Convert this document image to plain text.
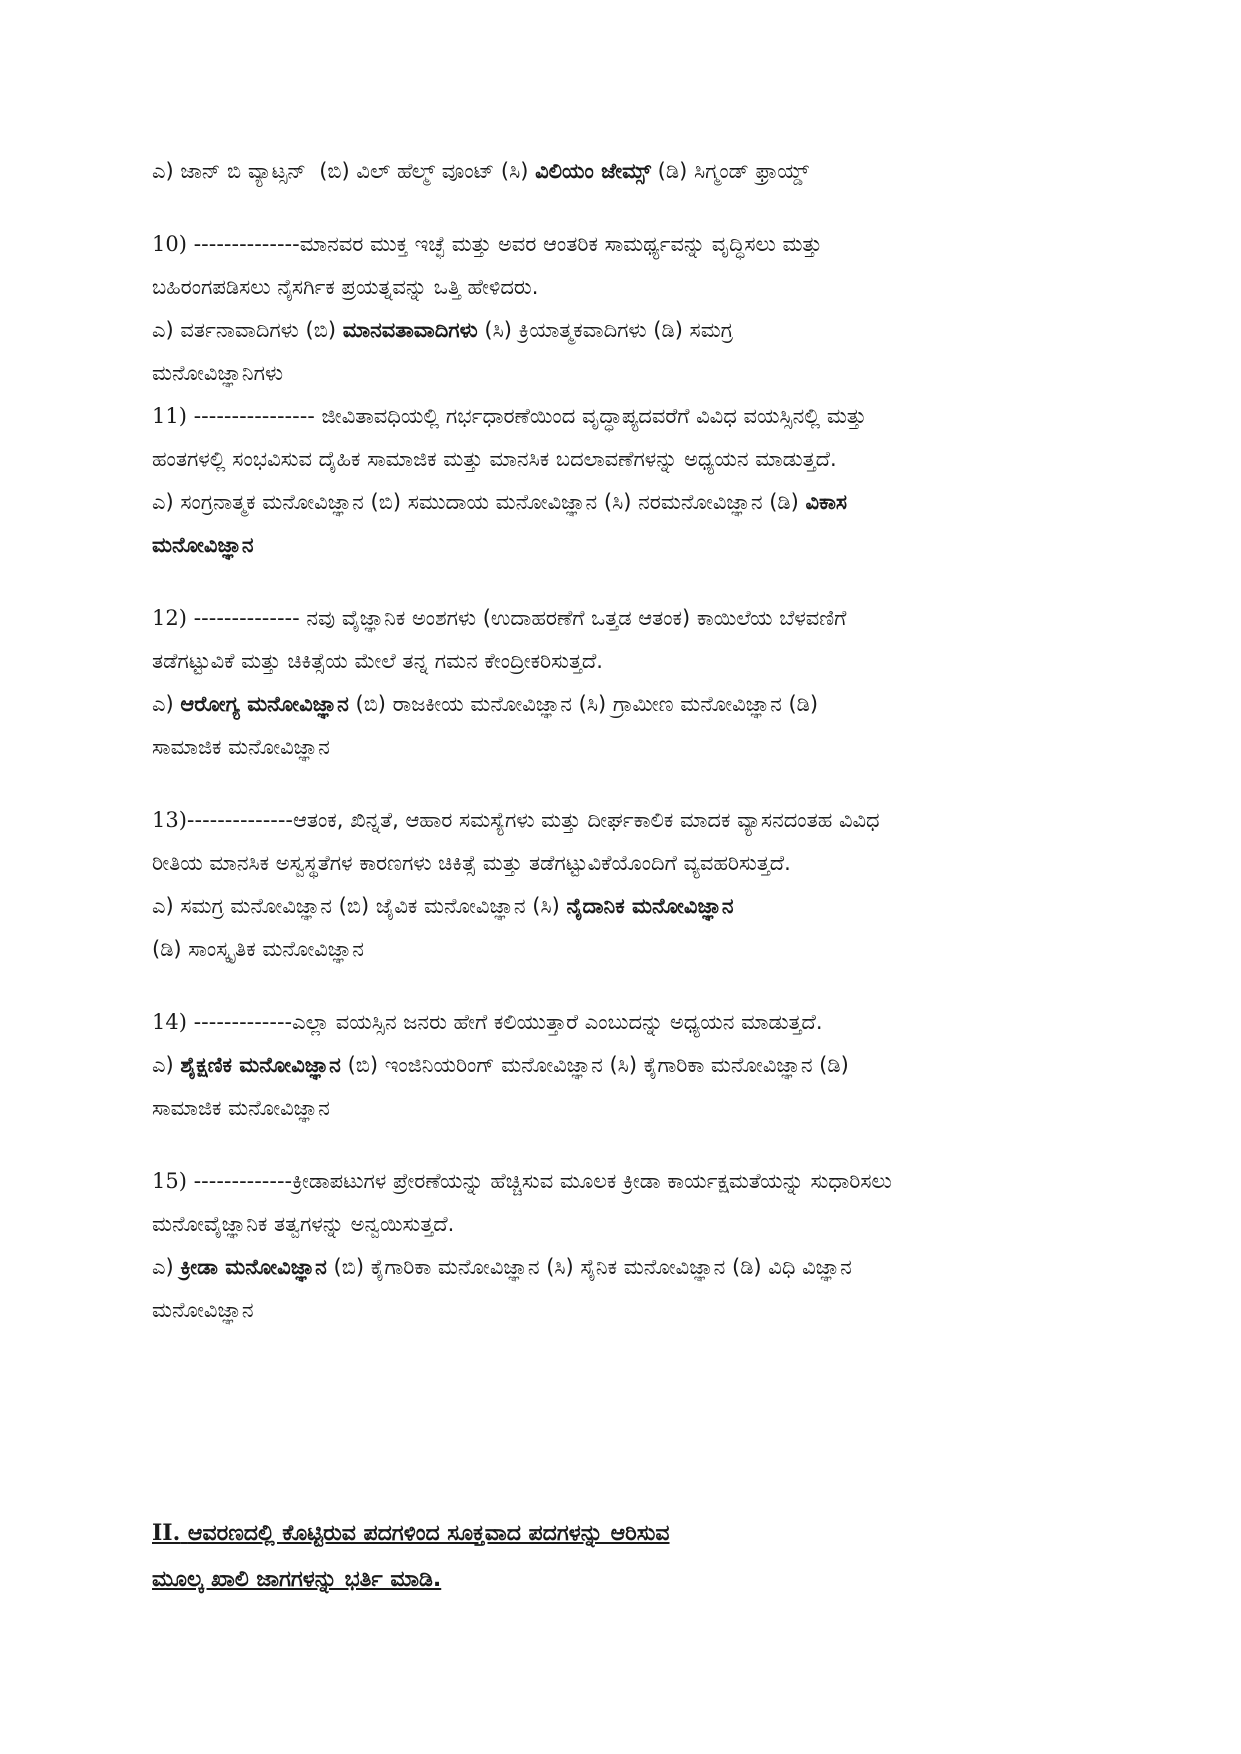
ಎ) ಜಾನ್ ಬಿ ವ್ಯಾಟ್ಸನ್ (ಬಿ) ವಿಲ್ ಹೆಲ್ಮ್ ವೂಂಟ್ (ಸಿ) ವಿಲಿಯಂ ಜೇಮ್ಸ್ (ಡಿ) ಸಿಗ್ಮಂಡ್ ಫ್ರಾಯ್ಡ್
10) --------------ಮಾನವರ ಮುಕ್ತ ಇಚ್ಛೆ ಮತ್ತು ಅವರ ಆಂತರಿಕ ಸಾಮರ್ಥ್ಯವನ್ನು ವೃದ್ಧಿಸಲು ಮತ್ತು
ಬಹಿರಂಗಪಡಿಸಲು ನೈಸರ್ಗಿಕ ಪ್ರಯತ್ನವನ್ನು ಒತ್ತಿ ಹೇಳಿದರು.
ಎ) ವರ್ತನಾವಾದಿಗಳು (ಬಿ) ಮಾನವತಾವಾದಿಗಳು (ಸಿ) ಕ್ರಿಯಾತ್ಮಕವಾದಿಗಳು (ಡಿ) ಸಮಗ್ರ
ಮನೋವಿಜ್ಞಾನಿಗಳು
11) ---------------- ಜೀವಿತಾವಧಿಯಲ್ಲಿ ಗರ್ಭಧಾರಣೆಯಿಂದ ವೃದ್ಧಾಪ್ಯದವರೆಗೆ ವಿವಿಧ ವಯಸ್ಸಿನಲ್ಲಿ ಮತ್ತು
ಹಂತಗಳಲ್ಲಿ ಸಂಭವಿಸುವ ದೈಹಿಕ ಸಾಮಾಜಿಕ ಮತ್ತು ಮಾನಸಿಕ ಬದಲಾವಣೆಗಳನ್ನು ಅಧ್ಯಯನ ಮಾಡುತ್ತದೆ.
ಎ) ಸಂಗ್ರನಾತ್ಮಕ ಮನೋವಿಜ್ಞಾನ (ಬಿ) ಸಮುದಾಯ ಮನೋವಿಜ್ಞಾನ (ಸಿ) ನರಮನೋವಿಜ್ಞಾನ (ಡಿ) ವಿಕಾಸ
ಮನೋವಿಜ್ಞಾನ
12) -------------- ನವು ವೈಜ್ಞಾನಿಕ ಅಂಶಗಳು (ಉದಾಹರಣೆಗೆ ಒತ್ತಡ ಆತಂಕ) ಕಾಯಿಲೆಯ ಬೆಳವಣಿಗೆ
ತಡೆಗಟ್ಟುವಿಕೆ ಮತ್ತು ಚಿಕಿತ್ಸೆಯ ಮೇಲೆ ತನ್ನ ಗಮನ ಕೇಂದ್ರೀಕರಿಸುತ್ತದೆ.
ಎ) ಆರೋಗ್ಯ ಮನೋವಿಜ್ಞಾನ (ಬಿ) ರಾಜಕೀಯ ಮನೋವಿಜ್ಞಾನ (ಸಿ) ಗ್ರಾಮೀಣ ಮನೋವಿಜ್ಞಾನ (ಡಿ)
ಸಾಮಾಜಿಕ ಮನೋವಿಜ್ಞಾನ
13)--------------ಆತಂಕ, ಖಿನ್ನತೆ, ಆಹಾರ ಸಮಸ್ಯೆಗಳು ಮತ್ತು ದೀರ್ಘಕಾಲಿಕ ಮಾದಕ ವ್ಯಾಸನದಂತಹ ವಿವಿಧ
ರೀತಿಯ ಮಾನಸಿಕ ಅಸ್ವಸ್ಥತೆಗಳ ಕಾರಣಗಳು ಚಿಕಿತ್ಸೆ ಮತ್ತು ತಡೆಗಟ್ಟುವಿಕೆಯೊಂದಿಗೆ ವ್ಯವಹರಿಸುತ್ತದೆ.
ಎ) ಸಮಗ್ರ ಮನೋವಿಜ್ಞಾನ (ಬಿ) ಜೈವಿಕ ಮನೋವಿಜ್ಞಾನ (ಸಿ) ನೈದಾನಿಕ ಮನೋವಿಜ್ಞಾನ
(ಡಿ) ಸಾಂಸ್ಕೃತಿಕ ಮನೋವಿಜ್ಞಾನ
14) -------------ಎಲ್ಲಾ ವಯಸ್ಸಿನ ಜನರು ಹೇಗೆ ಕಲಿಯುತ್ತಾರೆ ಎಂಬುದನ್ನು ಅಧ್ಯಯನ ಮಾಡುತ್ತದೆ.
ಎ) ಶೈಕ್ಷಣಿಕ ಮನೋವಿಜ್ಞಾನ (ಬಿ) ಇಂಜಿನಿಯರಿಂಗ್ ಮನೋವಿಜ್ಞಾನ (ಸಿ) ಕೈಗಾರಿಕಾ ಮನೋವಿಜ್ಞಾನ (ಡಿ)
ಸಾಮಾಜಿಕ ಮನೋವಿಜ್ಞಾನ
15) -------------ಕ್ರೀಡಾಪಟುಗಳ ಪ್ರೇರಣೆಯನ್ನು ಹೆಚ್ಚಿಸುವ ಮೂಲಕ ಕ್ರೀಡಾ ಕಾರ್ಯಕ್ಷಮತೆಯನ್ನು ಸುಧಾರಿಸಲು
ಮನೋವೈಜ್ಞಾನಿಕ ತತ್ವಗಳನ್ನು ಅನ್ವಯಿಸುತ್ತದೆ.
ಎ) ಕ್ರೀಡಾ ಮನೋವಿಜ್ಞಾನ (ಬಿ) ಕೈಗಾರಿಕಾ ಮನೋವಿಜ್ಞಾನ (ಸಿ) ಸೈನಿಕ ಮನೋವಿಜ್ಞಾನ (ಡಿ) ವಿಧಿ ವಿಜ್ಞಾನ
ಮನೋವಿಜ್ಞಾನ
II. ಆವರಣದಲ್ಲಿ ಕೊಟ್ಟಿರುವ ಪದಗಳಿಂದ ಸೂಕ್ತವಾದ ಪದಗಳನ್ನು ಆರಿಸುವ
ಮೂಲ್ಕ ಖಾಲಿ ಜಾಗಗಳನ್ನು ಭರ್ತಿ ಮಾಡಿ.
